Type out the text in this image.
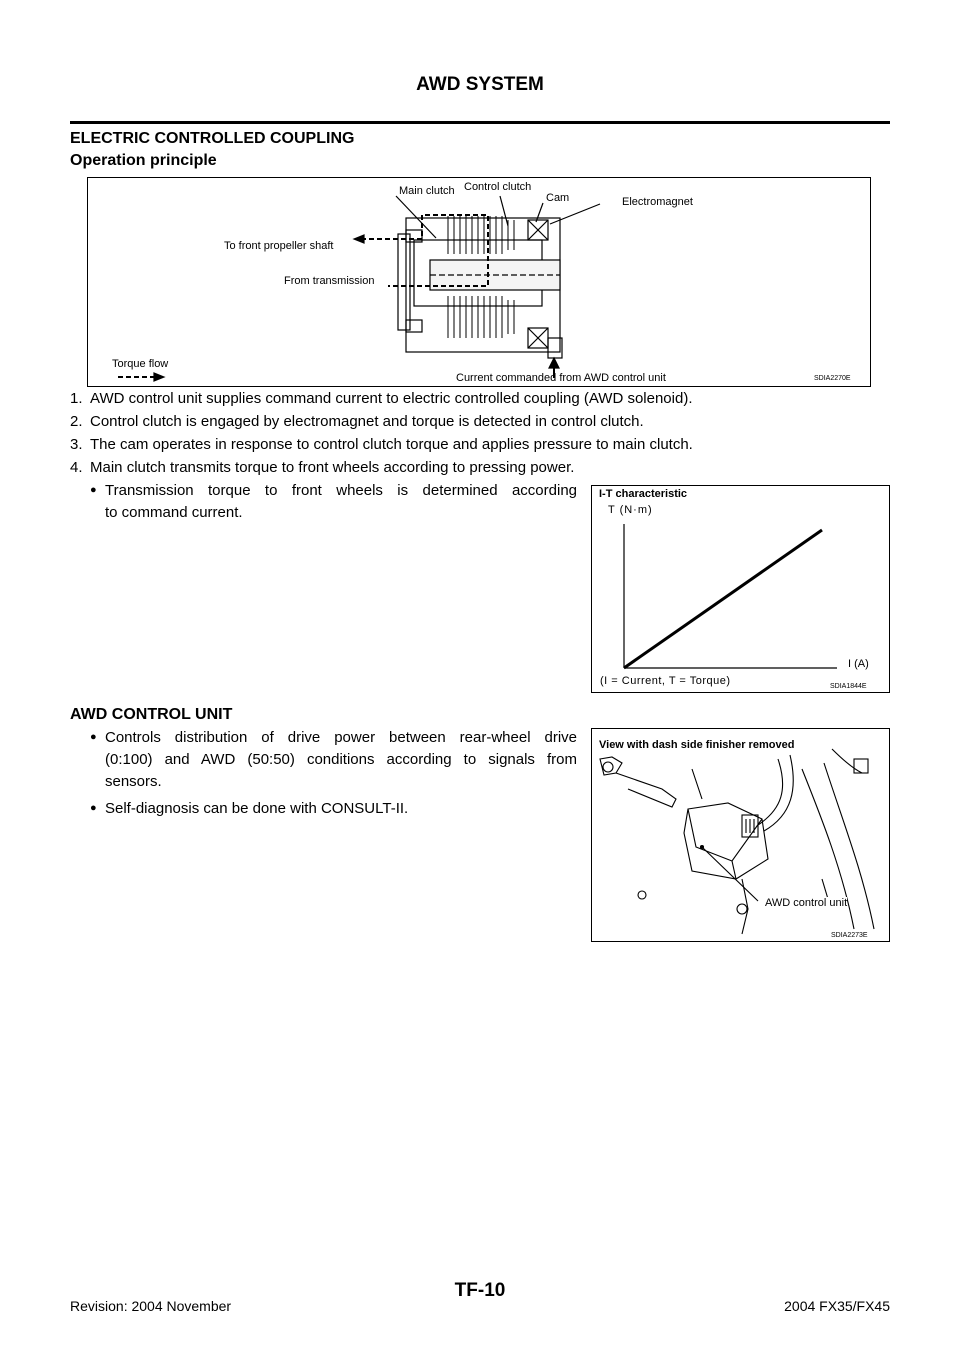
AWD SYSTEM
ELECTRIC CONTROLLED COUPLING
Operation principle
Main clutch Control clutch
Cam	Electromagnet
To front propeller shaft
From transmission
Torque flow
Current commanded from AWD control unit	SDIA2270E
1. AWD control unit supplies command current to electric controlled coupling (AWD solenoid).
2. Control clutch is engaged by electromagnet and torque is detected in control clutch.
3. The cam operates in response to control clutch torque and applies pressure to main clutch.
4. Main clutch transmits torque to front wheels according to pressing power.
● Transmission torque to front wheels is determined according
to command current.
I-T characteristic
T (N·m)
I (A)
(I = Current, T = Torque)	SDIA1844E
AWD CONTROL UNIT
● Controls distribution of drive power between rear-wheel drive
(0:100) and AWD (50:50) conditions according to signals from
sensors.
● Self-diagnosis can be done with CONSULT-II.
View with dash side finisher removed
AWD control unit
SDIA2273E
TF-10
Revision: 2004 November	2004 FX35/FX45
